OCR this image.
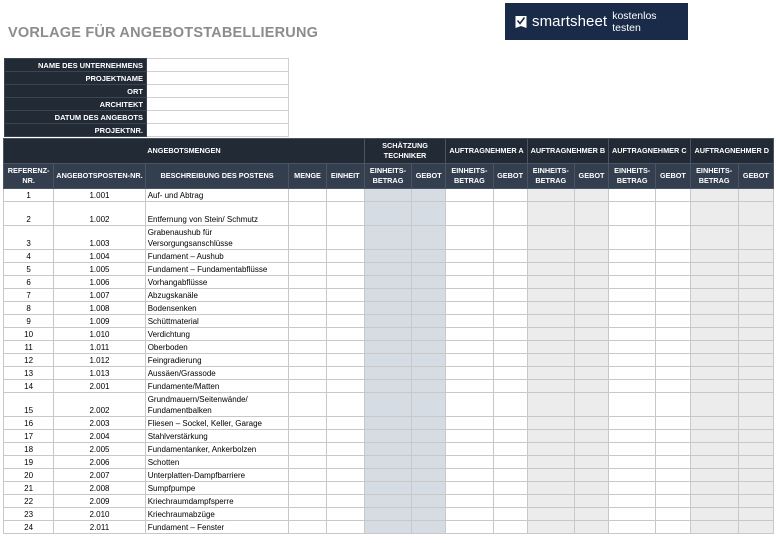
VORLAGE FÜR ANGEBOTSTABELLIERUNG
smartsheet kostenlos testen
NAME DES UNTERNEHMENS	
PROJEKTNAME	
ORT	
ARCHITEKT	
DATUM DES ANGEBOTS	
PROJEKTNR.	
ANGEBOTSMENGEN					SCHÄTZUNG TECHNIKER		AUFTRAGNEHMER A		AUFTRAGNEHMER B		AUFTRAGNEHMER C		AUFTRAGNEHMER D	
REFERENZ-NR.	ANGEBOTSPOSTEN-NR.	BESCHREIBUNG DES POSTENS	MENGE	EINHEIT	EINHEITS-BETRAG	GEBOT	EINHEITS-BETRAG	GEBOT	EINHEITS-BETRAG	GEBOT	EINHEITS-BETRAG	GEBOT	EINHEITS-BETRAG	GEBOT
1	1.001	Auf- und Abtrag												
2	1.002	Entfernung von Stein/ Schmutz												
3	1.003	Grabenaushub für Versorgungsanschlüsse												
4	1.004	Fundament – Aushub												
5	1.005	Fundament – Fundamentabflüsse												
6	1.006	Vorhangabflüsse												
7	1.007	Abzugskanäle												
8	1.008	Bodensenken												
9	1.009	Schüttmaterial												
10	1.010	Verdichtung												
11	1.011	Oberboden												
12	1.012	Feingradierung												
13	1.013	Aussäen/Grassode												
14	2.001	Fundamente/Matten												
15	2.002	Grundmauern/Seitenwände/ Fundamentbalken												
16	2.003	Fliesen – Sockel, Keller, Garage												
17	2.004	Stahlverstärkung												
18	2.005	Fundamentanker, Ankerbolzen												
19	2.006	Schotten												
20	2.007	Unterplatten-Dampfbarriere												
21	2.008	Sumpfpumpe												
22	2.009	Kriechraumdampfsperre												
23	2.010	Kriechraumabzüge												
24	2.011	Fundament – Fenster												
